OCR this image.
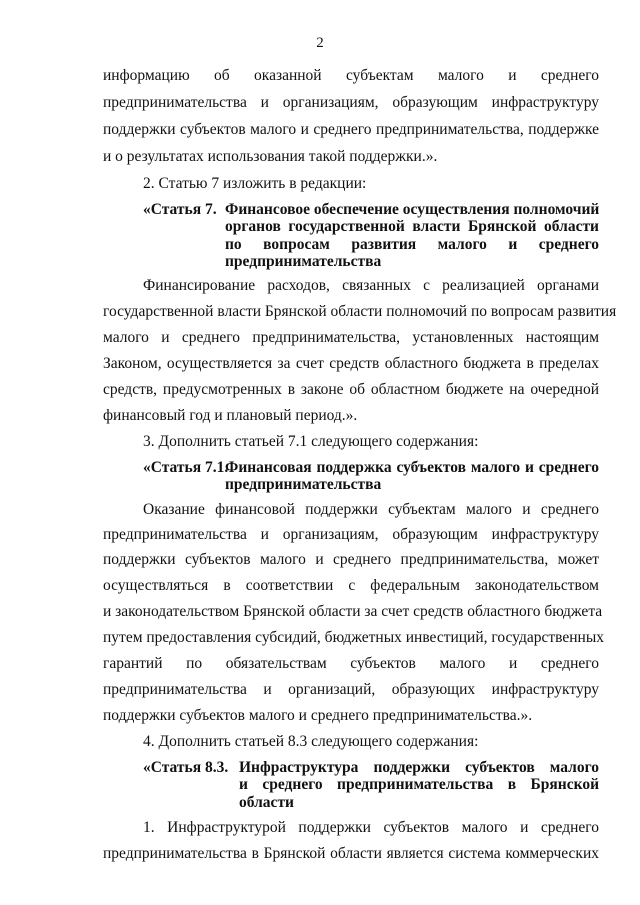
2
информацию об оказанной субъектам малого и среднего
предпринимательства и организациям, образующим инфраструктуру
поддержки субъектов малого и среднего предпринимательства, поддержке
и о результатах использования такой поддержки.».
2. Статью 7 изложить в редакции:
«Статья 7. Финансовое обеспечение осуществления полномочий
органов государственной власти Брянской области
по вопросам развития малого и среднего
предпринимательства
Финансирование расходов, связанных с реализацией органами
государственной власти Брянской области полномочий по вопросам развития
малого и среднего предпринимательства, установленных настоящим
Законом, осуществляется за счет средств областного бюджета в пределах
средств, предусмотренных в законе об областном бюджете на очередной
финансовый год и плановый период.».
3. Дополнить статьей 7.1 следующего содержания:
«Статья 7.1.
Финансовая поддержка субъектов малого и среднего
предпринимательства
Оказание финансовой поддержки субъектам малого и среднего
предпринимательства и организациям, образующим инфраструктуру
поддержки субъектов малого и среднего предпринимательства, может
осуществляться в соответствии с федеральным законодательством
и законодательством Брянской области за счет средств областного бюджета
путем предоставления субсидий, бюджетных инвестиций, государственных
гарантий по обязательствам субъектов малого и среднего
предпринимательства и организаций, образующих инфраструктуру
поддержки субъектов малого и среднего предпринимательства.».
4. Дополнить статьей 8.3 следующего содержания:
«Статья 8.3. Инфраструктура поддержки субъектов малого
и среднего предпринимательства в Брянской
области
1. Инфраструктурой поддержки субъектов малого и среднего
предпринимательства в Брянской области является система коммерческих
